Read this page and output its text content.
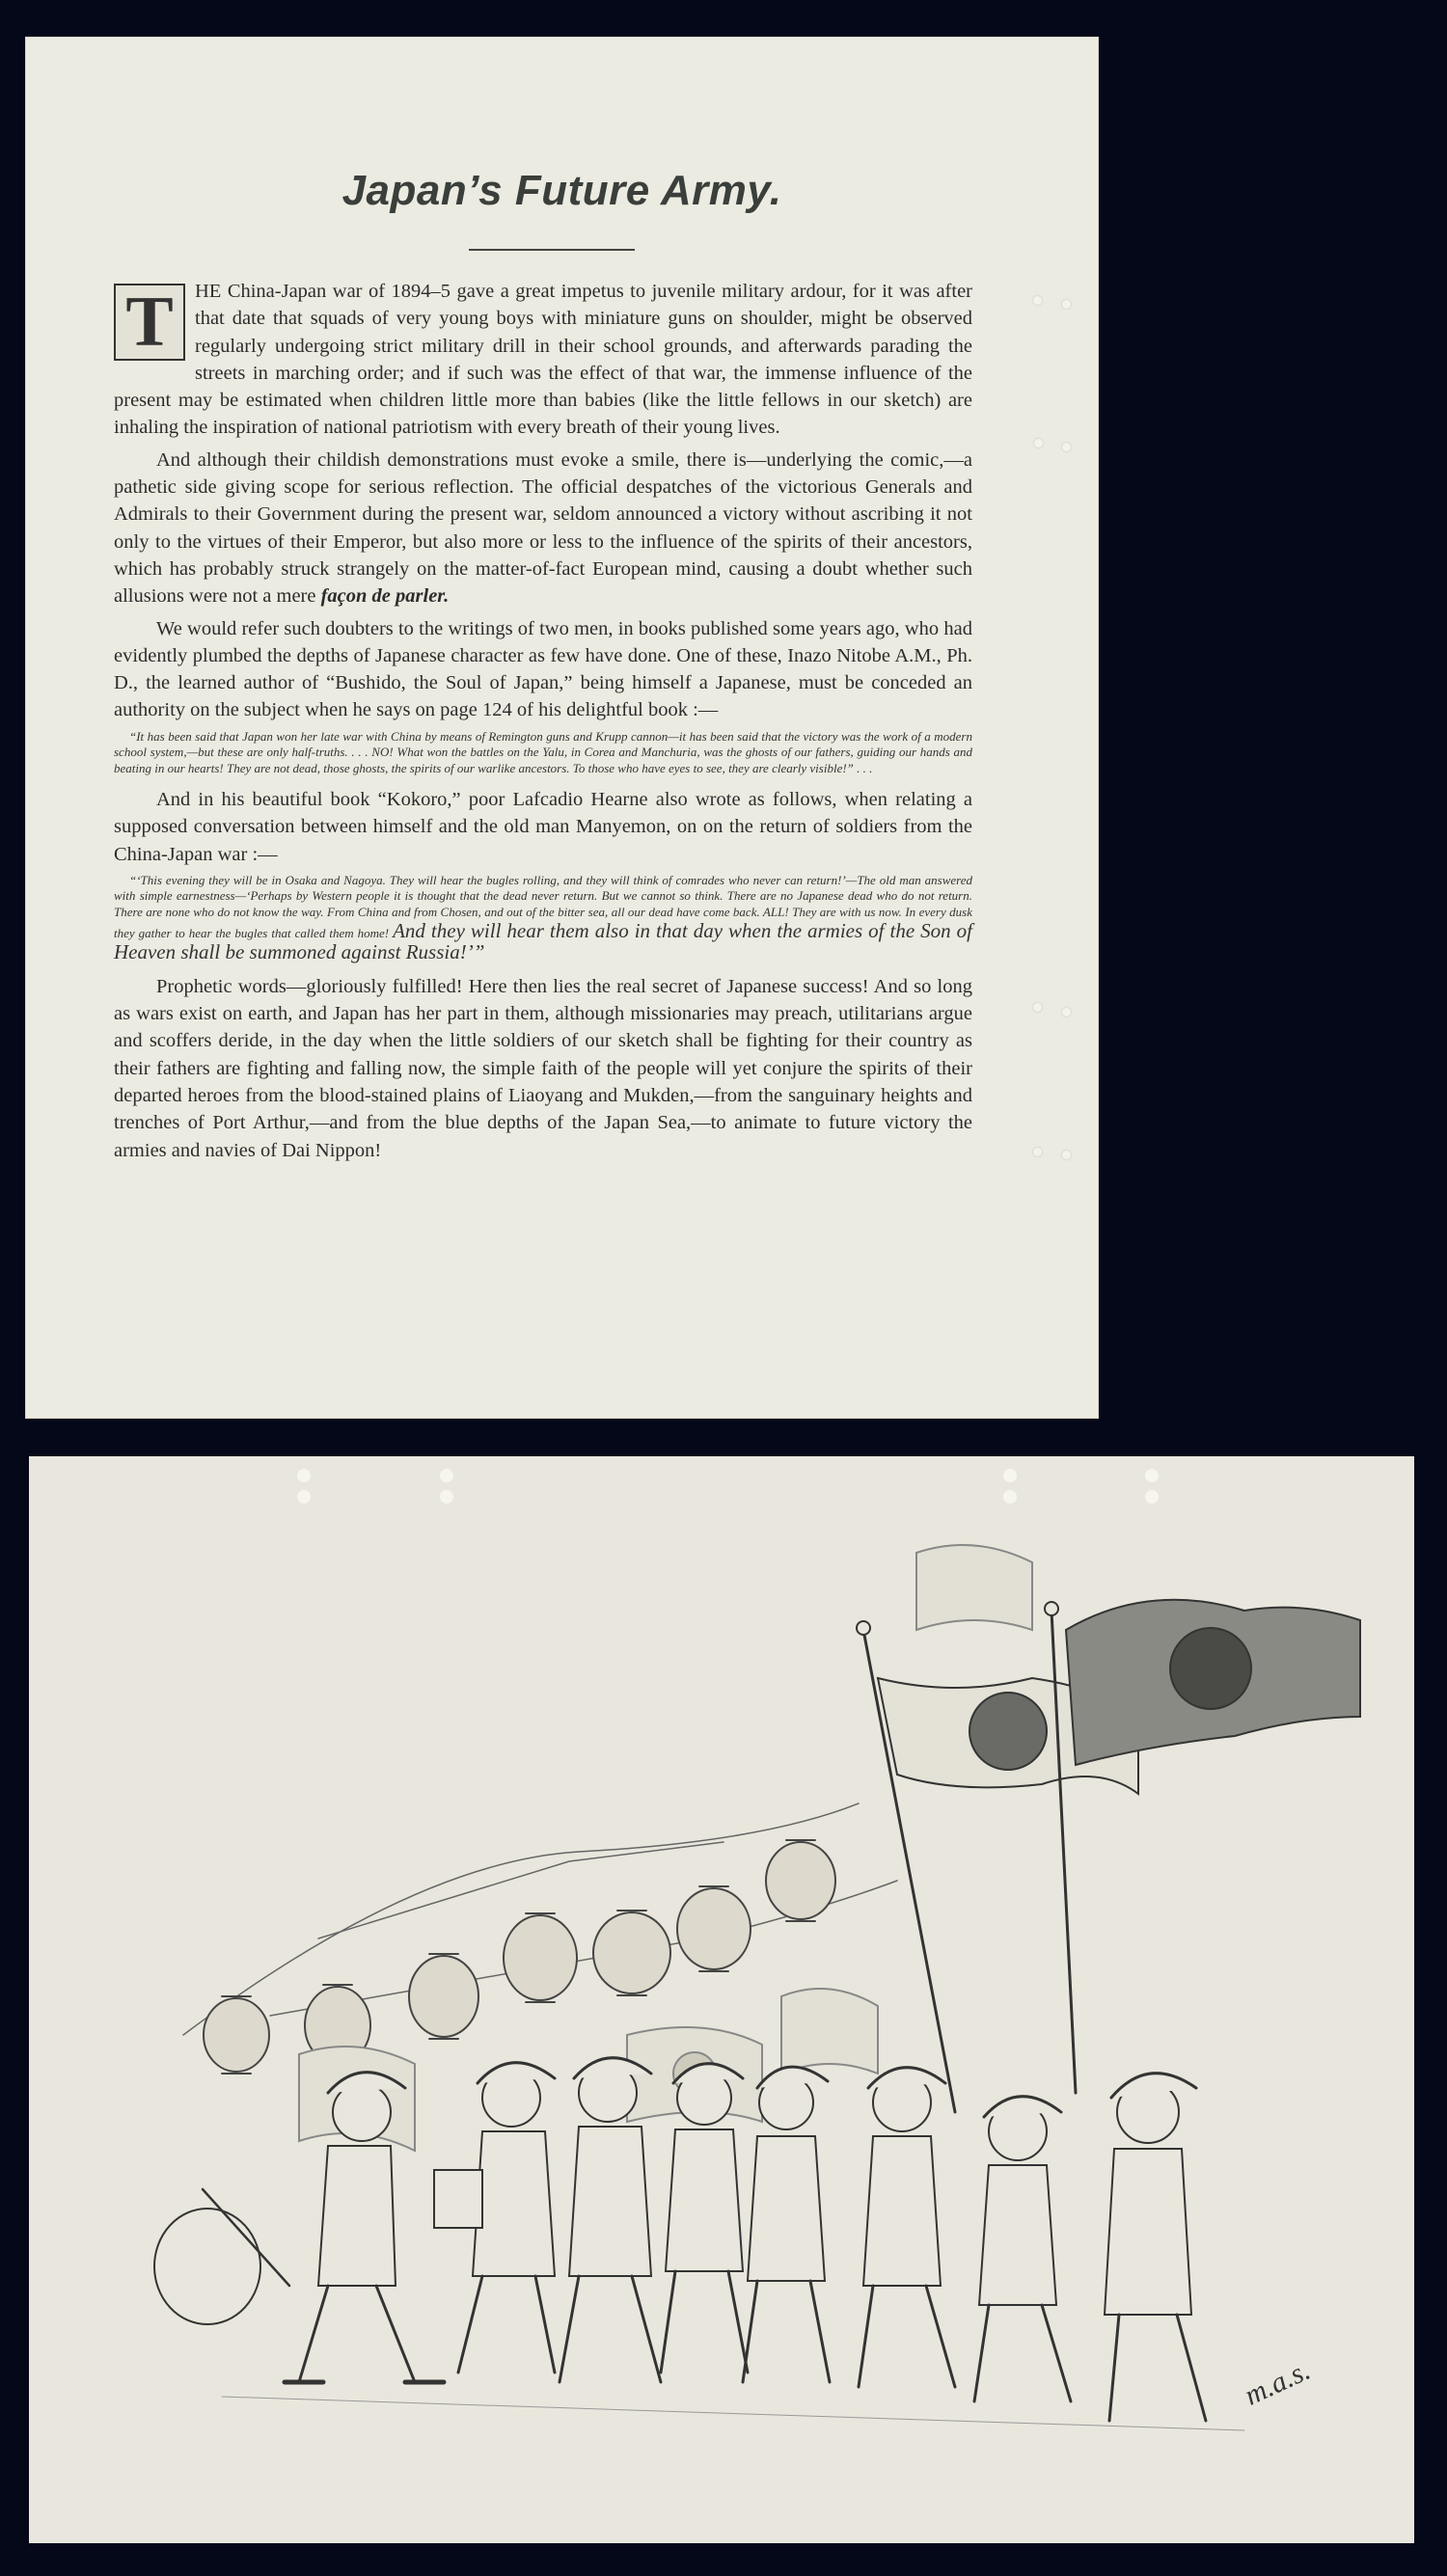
Japan’s Future Army.

T	HE China-Japan war of 1894–5 gave a great impetus to juvenile military ardour, for it was after that date that squads of very young boys with miniature guns on shoulder, might be observed regularly undergoing strict military drill in their school grounds, and afterwards parading the streets in marching order; and if such was the effect of that war, the immense influence of the present may be estimated when children little more than babies (like the little fellows in our sketch) are inhaling the inspiration of national patriotism with every breath of their young lives.

And although their childish demonstrations must evoke a smile, there is—underlying the comic,—a pathetic side giving scope for serious reflection. The official despatches of the victorious Generals and Admirals to their Government during the present war, seldom announced a victory without ascribing it not only to the virtues of their Emperor, but also more or less to the influence of the spirits of their ancestors, which has probably struck strangely on the matter-of-fact European mind, causing a doubt whether such allusions were not a mere façon de parler.

We would refer such doubters to the writings of two men, in books published some years ago, who had evidently plumbed the depths of Japanese character as few have done. One of these, Inazo Nitobe A.M., Ph. D., the learned author of “Bushido, the Soul of Japan,” being himself a Japanese, must be conceded an authority on the subject when he says on page 124 of his delightful book :—

“It has been said that Japan won her late war with China by means of Remington guns and Krupp cannon—it has been said that the victory was the work of a modern school system,—but these are only half-truths. . . . NO! What won the battles on the Yalu, in Corea and Manchuria, was the ghosts of our fathers, guiding our hands and beating in our hearts! They are not dead, those ghosts, the spirits of our warlike ancestors. To those who have eyes to see, they are clearly visible!” . . .

And in his beautiful book “Kokoro,” poor Lafcadio Hearne also wrote as follows, when relating a supposed conversation between himself and the old man Manyemon, on on the return of soldiers from the China-Japan war :—

“‘This evening they will be in Osaka and Nagoya. They will hear the bugles rolling, and they will think of comrades who never can return!’—The old man answered with simple earnestness—‘Perhaps by Western people it is thought that the dead never return. But we cannot so think. There are no Japanese dead who do not return. There are none who do not know the way. From China and from Chosen, and out of the bitter sea, all our dead have come back. ALL! They are with us now. In every dusk they gather to hear the bugles that called them home! And they will hear them also in that day when the armies of the Son of Heaven shall be summoned against Russia!’”

Prophetic words—gloriously fulfilled! Here then lies the real secret of Japanese success! And so long as wars exist on earth, and Japan has her part in them, although missionaries may preach, utilitarians argue and scoffers deride, in the day when the little soldiers of our sketch shall be fighting for their country as their fathers are fighting and falling now, the simple faith of the people will yet conjure the spirits of their departed heroes from the blood-stained plains of Liaoyang and Mukden,—from the sanguinary heights and trenches of Port Arthur,—and from the blue depths of the Japan Sea,—to animate to future victory the armies and navies of Dai Nippon!

m.a.s.
